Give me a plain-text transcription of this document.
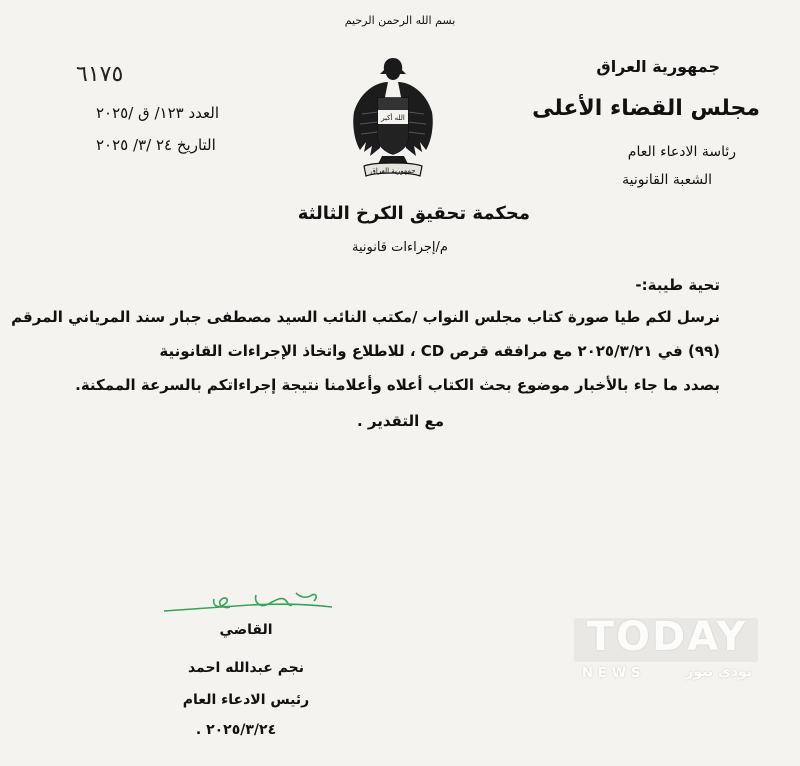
بسم الله الرحمن الرحيم
جمهورية العراق
مجلس القضاء الأعلى
رئاسة الادعاء العام
الشعبة القانونية
٦١٧٥
العدد ١٢٣/ ق /٢٠٢٥
التاريخ ٢٤ /٣/ ٢٠٢٥
الله أكبر
جمهورية العراق
محكمة تحقيق الكرخ الثالثة
م/إجراءات قانونية
تحية طيبة:-
نرسل لكم طيا صورة كتاب مجلس النواب /مكتب النائب السيد مصطفى جبار سند المرياني المرقم
(٩٩) في ٢٠٢٥/٣/٢١ مع مرافقه قرص CD ، للاطلاع واتخاذ الإجراءات القانونية
بصدد ما جاء بالأخبار موضوع بحث الكتاب أعلاه وأعلامنا نتيجة إجراءاتكم بالسرعة الممكنة.
مع التقدير .
القاضي
نجم عبدالله احمد
رئيس الادعاء العام
٢٠٢٥/٣/٢٤ .
TODAY
NEWS	تودي نيوز
